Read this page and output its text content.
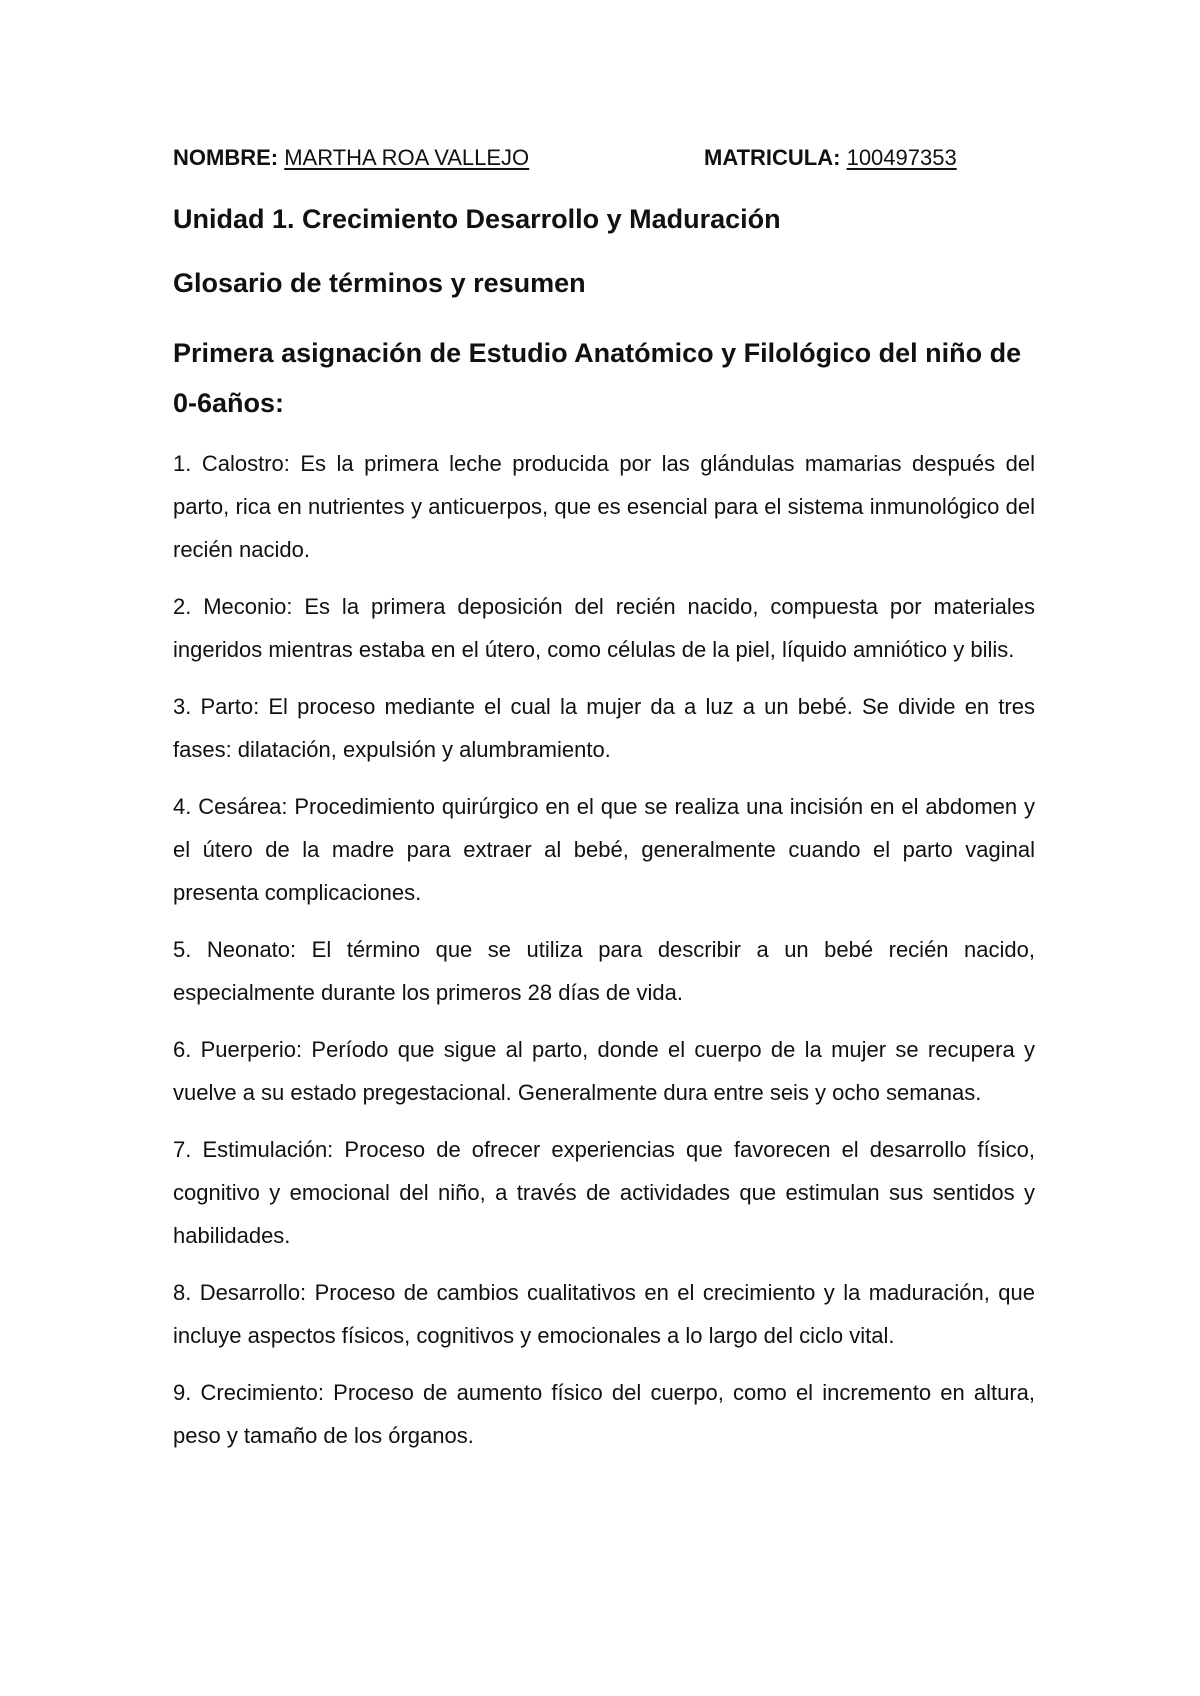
NOMBRE: MARTHA ROA VALLEJO	MATRICULA: 100497353
Unidad 1. Crecimiento Desarrollo y Maduración
Glosario de términos y resumen
Primera asignación de Estudio Anatómico y Filológico del niño de 0-6años:

1. Calostro: Es la primera leche producida por las glándulas mamarias después del parto, rica en nutrientes y anticuerpos, que es esencial para el sistema inmunológico del recién nacido.

2. Meconio: Es la primera deposición del recién nacido, compuesta por materiales ingeridos mientras estaba en el útero, como células de la piel, líquido amniótico y bilis.

3. Parto: El proceso mediante el cual la mujer da a luz a un bebé. Se divide en tres fases: dilatación, expulsión y alumbramiento.

4. Cesárea: Procedimiento quirúrgico en el que se realiza una incisión en el abdomen y el útero de la madre para extraer al bebé, generalmente cuando el parto vaginal presenta complicaciones.

5. Neonato: El término que se utiliza para describir a un bebé recién nacido, especialmente durante los primeros 28 días de vida.

6. Puerperio: Período que sigue al parto, donde el cuerpo de la mujer se recupera y vuelve a su estado pregestacional. Generalmente dura entre seis y ocho semanas.

7. Estimulación: Proceso de ofrecer experiencias que favorecen el desarrollo físico, cognitivo y emocional del niño, a través de actividades que estimulan sus sentidos y habilidades.

8. Desarrollo: Proceso de cambios cualitativos en el crecimiento y la maduración, que incluye aspectos físicos, cognitivos y emocionales a lo largo del ciclo vital.

9. Crecimiento: Proceso de aumento físico del cuerpo, como el incremento en altura, peso y tamaño de los órganos.
